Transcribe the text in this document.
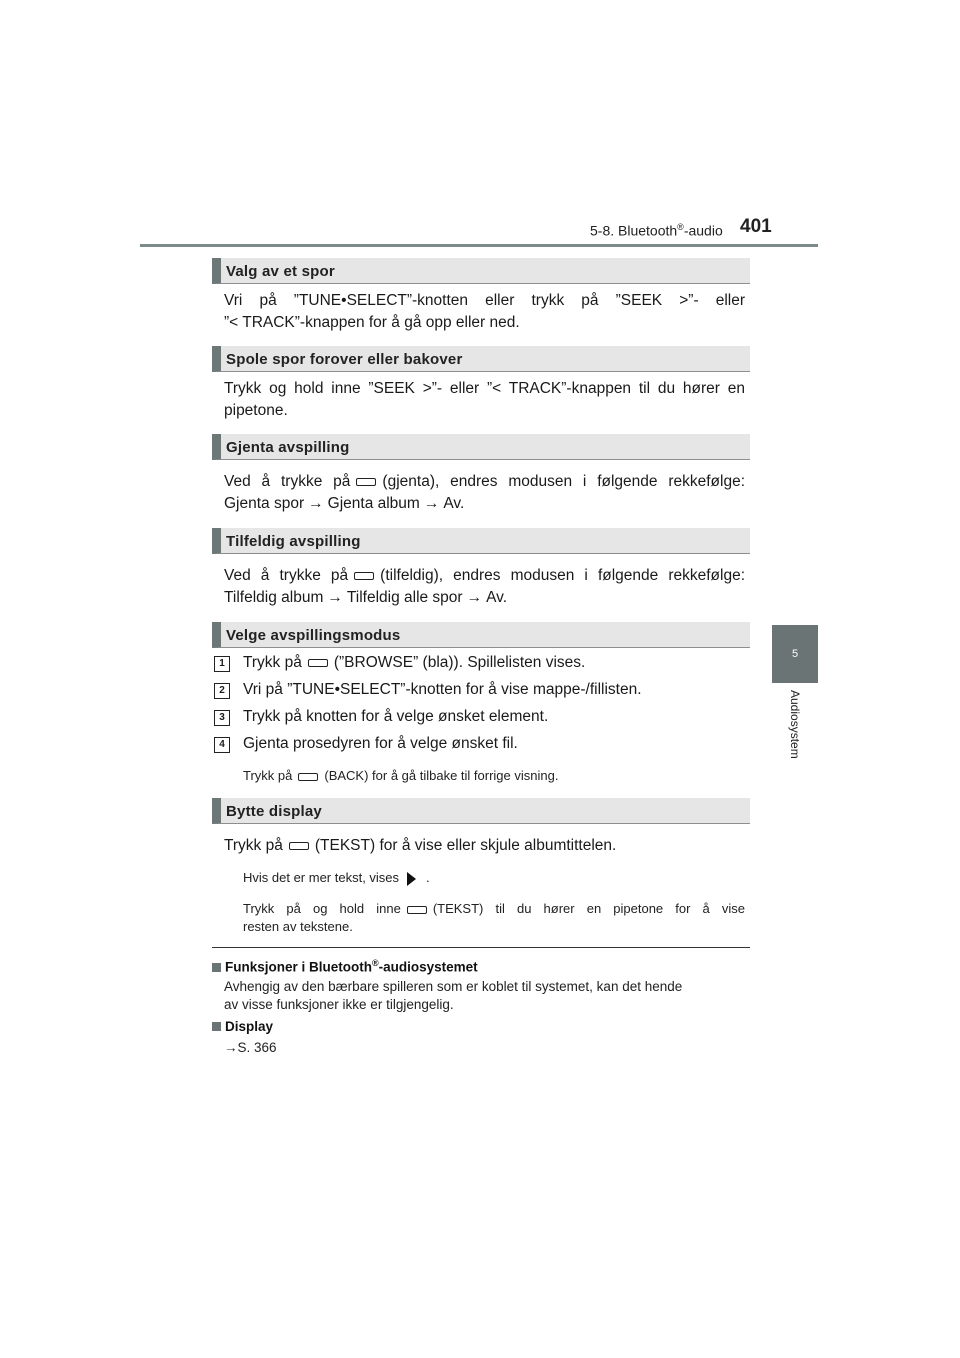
5-8. Bluetooth®-audio 401
5
Audiosystem
Valg av et spor
Vri på ”TUNE•SELECT”-knotten eller trykk på ”SEEK >”- eller
”< TRACK”-knappen for å gå opp eller ned.
Spole spor forover eller bakover
Trykk og hold inne ”SEEK >”- eller ”< TRACK”-knappen til du hører en
pipetone.
Gjenta avspilling
Ved å trykke på (gjenta), endres modusen i følgende rekkefølge:
Gjenta spor → Gjenta album → Av.
Tilfeldig avspilling
Ved å trykke på (tilfeldig), endres modusen i følgende rekkefølge:
Tilfeldig album → Tilfeldig alle spor → Av.
Velge avspillingsmodus
1	Trykk på (”BROWSE” (bla)). Spillelisten vises.
2	Vri på ”TUNE•SELECT”-knotten for å vise mappe-/fillisten.
3	Trykk på knotten for å velge ønsket element.
4	Gjenta prosedyren for å velge ønsket fil.
Trykk på (BACK) for å gå tilbake til forrige visning.
Bytte display
Trykk på (TEKST) for å vise eller skjule albumtittelen.
Hvis det er mer tekst, vises .
Trykk på og hold inne (TEKST) til du hører en pipetone for å vise
resten av tekstene.
Funksjoner i Bluetooth®-audiosystemet
Avhengig av den bærbare spilleren som er koblet til systemet, kan det hende
av visse funksjoner ikke er tilgjengelig.
Display
→S. 366
